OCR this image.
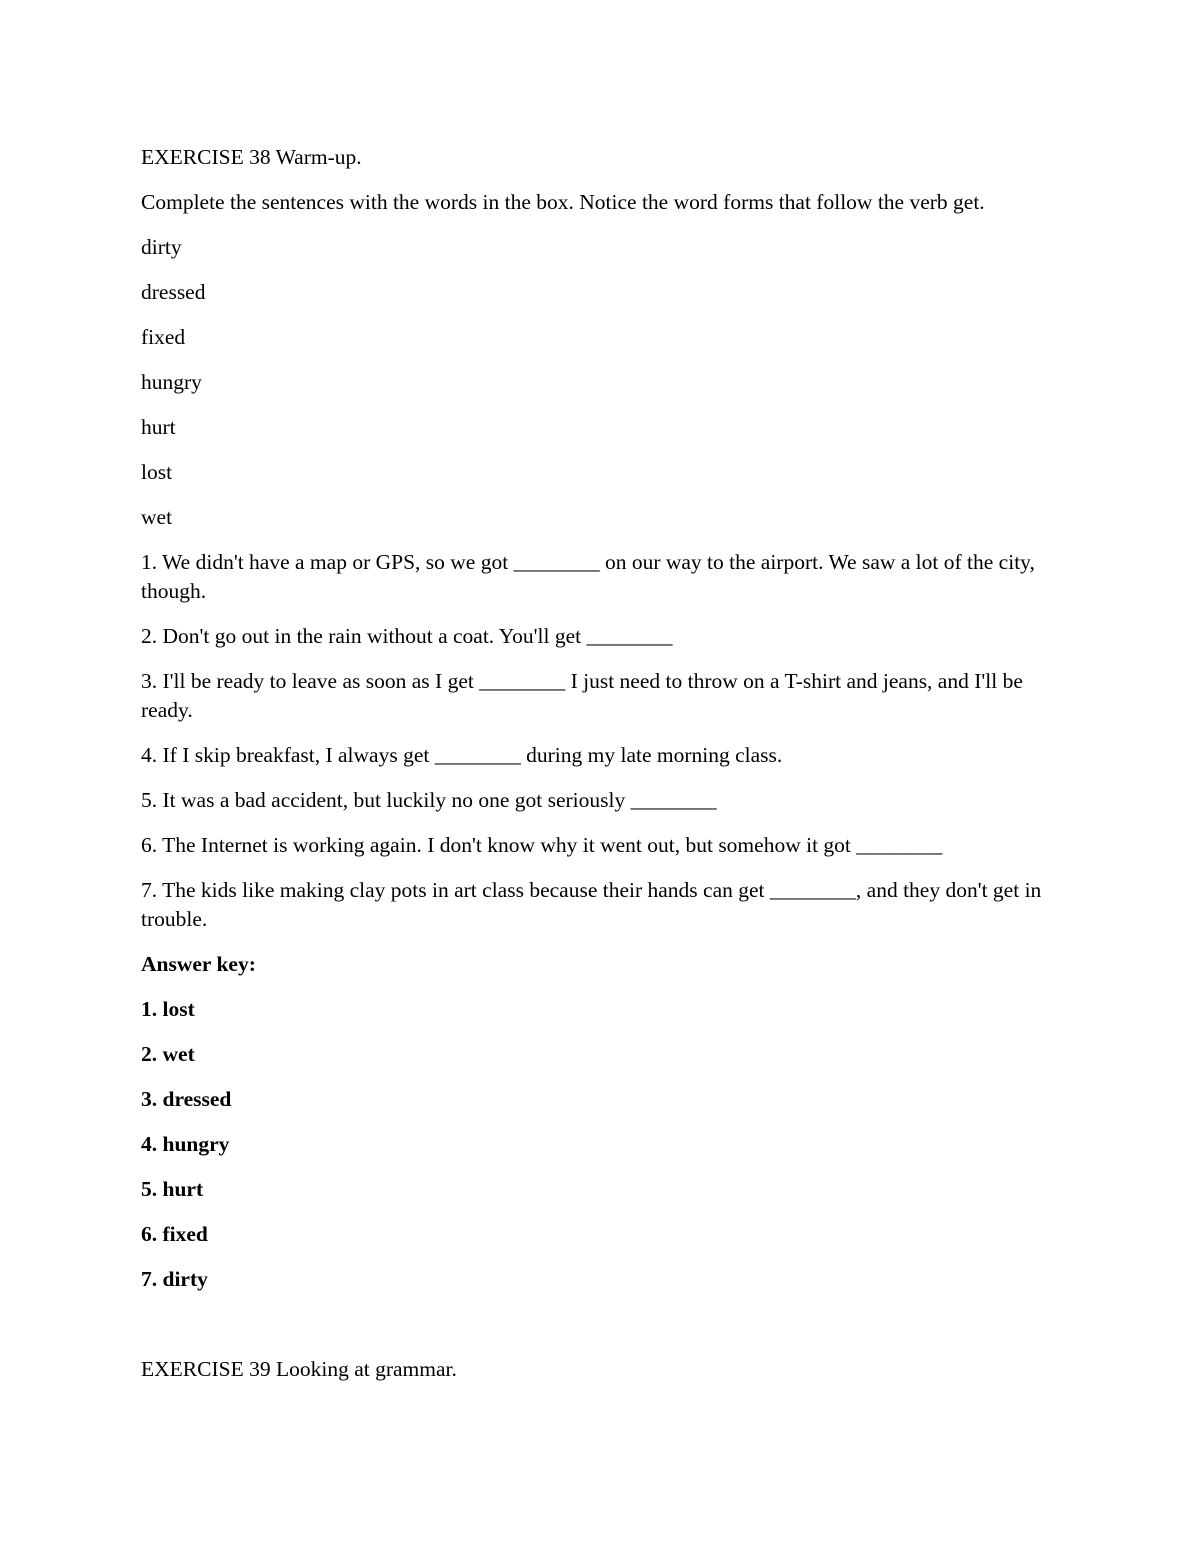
EXERCISE 38 Warm-up.

Complete the sentences with the words in the box. Notice the word forms that follow the verb get.

dirty

dressed

fixed

hungry

hurt

lost

wet

1. We didn't have a map or GPS, so we got ________ on our way to the airport. We saw a lot of the city, though.

2. Don't go out in the rain without a coat. You'll get ________

3. I'll be ready to leave as soon as I get ________ I just need to throw on a T-shirt and jeans, and I'll be ready.

4. If I skip breakfast, I always get ________ during my late morning class.

5. It was a bad accident, but luckily no one got seriously ________

6. The Internet is working again. I don't know why it went out, but somehow it got ________

7. The kids like making clay pots in art class because their hands can get ________, and they don't get in trouble.

Answer key:

1. lost

2. wet

3. dressed

4. hungry

5. hurt

6. fixed

7. dirty

EXERCISE 39 Looking at grammar.
